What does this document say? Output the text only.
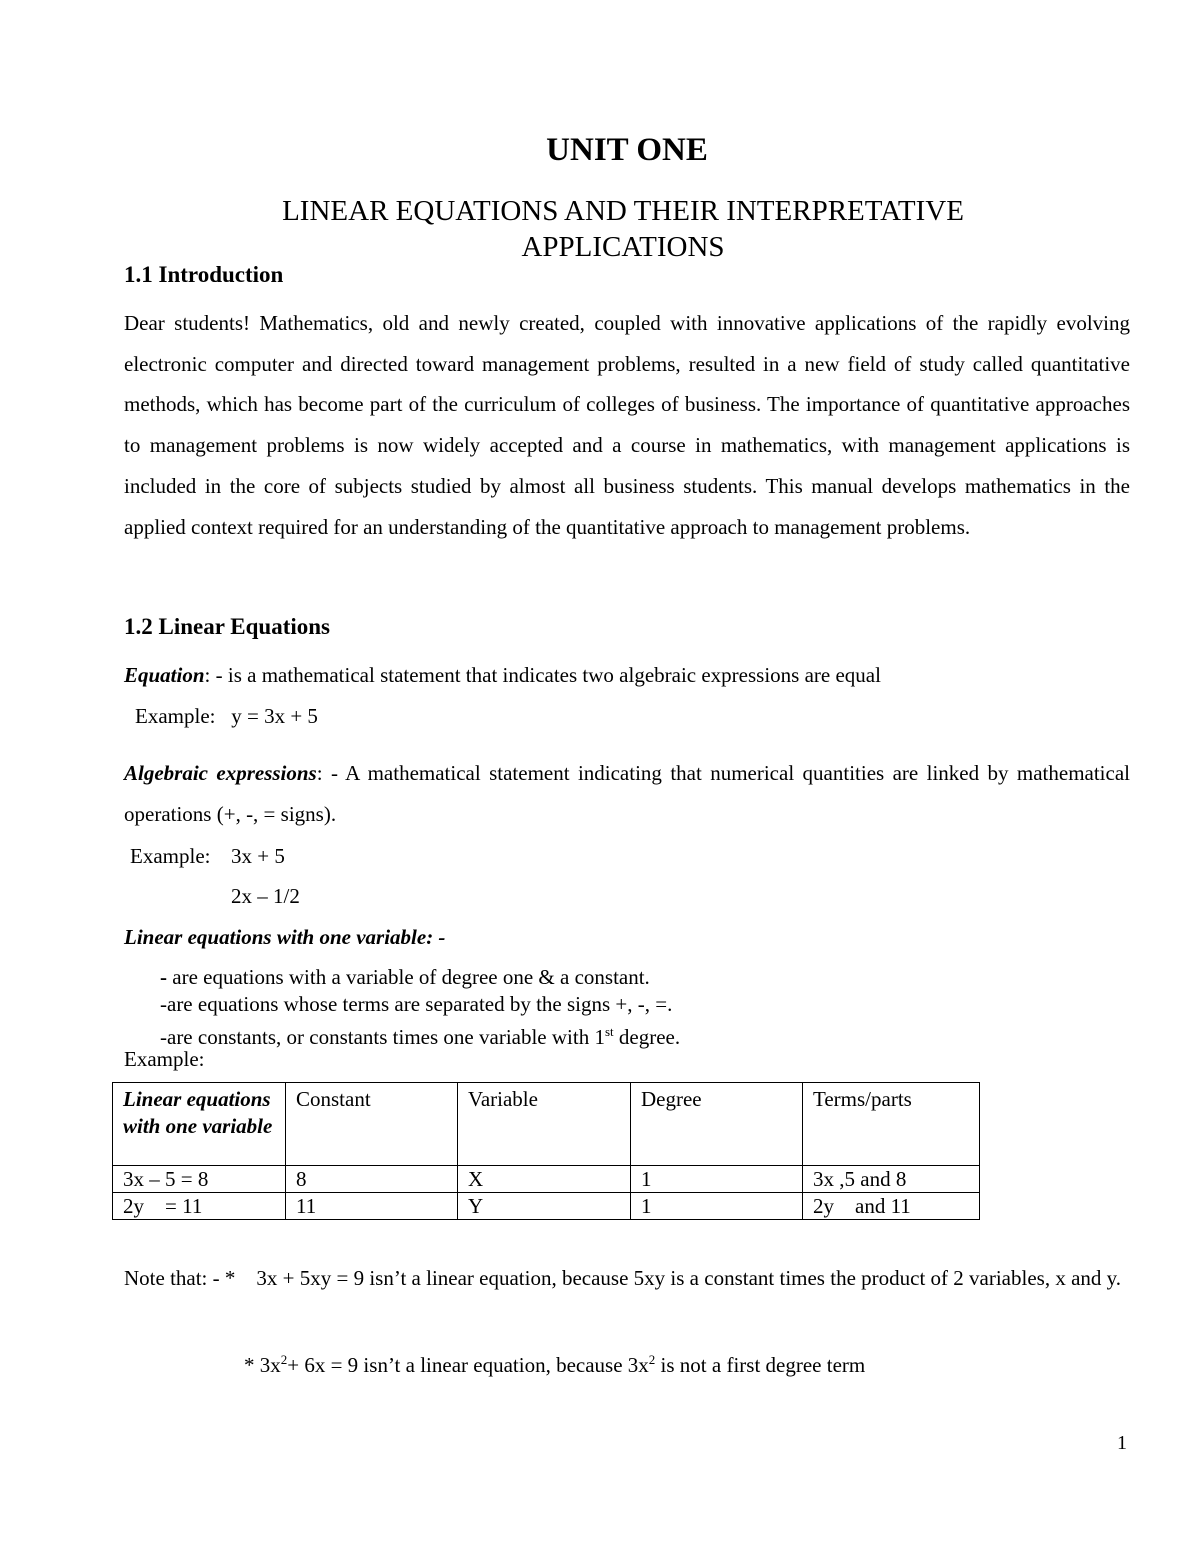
UNIT ONE
LINEAR EQUATIONS AND THEIR INTERPRETATIVE
APPLICATIONS
1.1 Introduction

Dear students! Mathematics, old and newly created, coupled with innovative applications of the rapidly evolving electronic computer and directed toward management problems, resulted in a new field of study called quantitative methods, which has become part of the curriculum of colleges of business. The importance of quantitative approaches to management problems is now widely accepted and a course in mathematics, with management applications is included in the core of subjects studied by almost all business students. This manual develops mathematics in the applied context required for an understanding of the quantitative approach to management problems.

1.2 Linear Equations
Equation: - is a mathematical statement that indicates two algebraic expressions are equal
Example:   y = 3x + 5

Algebraic expressions: - A mathematical statement indicating that numerical quantities are linked by mathematical operations (+, -, = signs).

Example: 3x + 5
2x – 1/2
Linear equations with one variable: -
- are equations with a variable of degree one & a constant.
-are equations whose terms are separated by the signs +, -, =.
-are constants, or constants times one variable with 1st degree.
Example:
Linear equations with one variable	Constant	Variable	Degree	Terms/parts
3x – 5 = 8	8	X	1	3x ,5 and 8
2y    = 11	11	Y	1	2y    and 11

Note that: - * 3x + 5xy = 9 isn’t a linear equation, because 5xy is a constant times the product of 2 variables, x and y.

* $3x^2+ 6x = 9$ isn’t a linear equation, because $3x^2$ is not a first degree term
1
